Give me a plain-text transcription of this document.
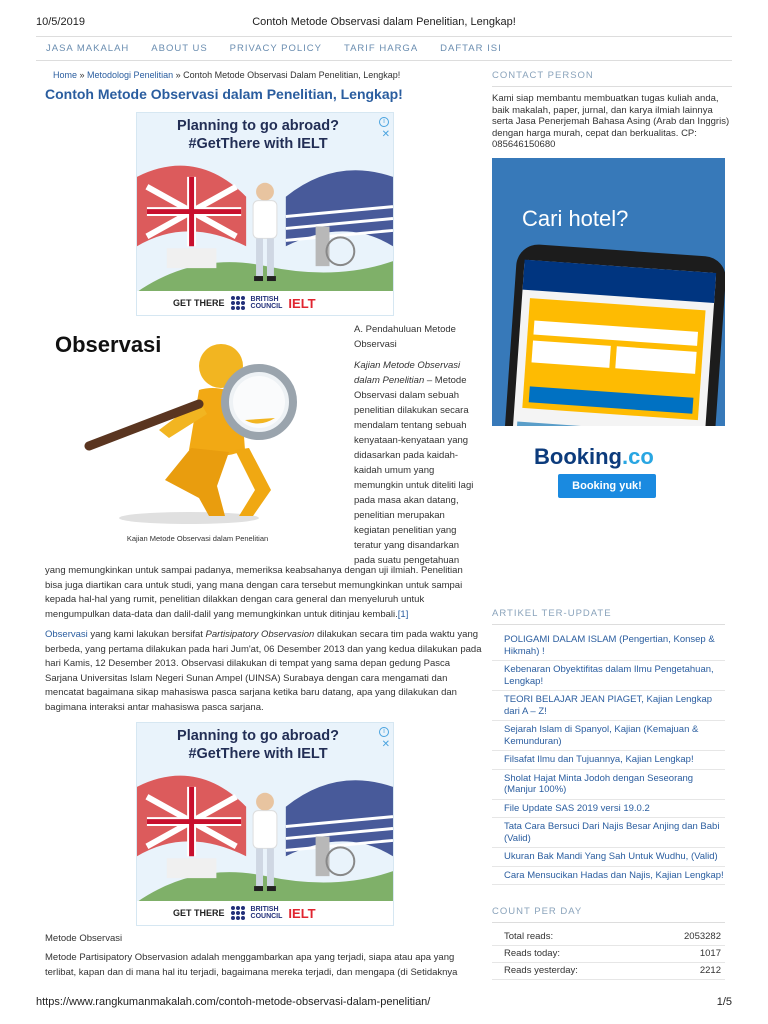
10/5/2019	Contoh Metode Observasi dalam Penelitian, Lengkap!
JASA MAKALAH ABOUT US PRIVACY POLICY TARIF HARGA DAFTAR ISI
Home » Metodologi Penelitian » Contoh Metode Observasi Dalam Penelitian, Lengkap!
Contoh Metode Observasi dalam Penelitian, Lengkap!
Planning to go abroad?
#GetThere with IELT
i
✕
GET THERE	BRITISH
COUNCIL IELT
Observasi
Kajian Metode Observasi dalam Penelitian

A. Pendahuluan Metode Observasi

Kajian Metode Observasi dalam Penelitian – Metode Observasi dalam sebuah penelitian dilakukan secara mendalam tentang sebuah kenyataan-kenyataan yang didasarkan pada kaidah-kaidah umum yang memungkin untuk diteliti lagi pada masa akan datang, penelitian merupakan kegiatan penelitian yang teratur yang disandarkan pada suatu pengetahuan

yang memungkinkan untuk sampai padanya, memeriksa keabsahanya dengan uji ilmiah. Penelitian bisa juga diartikan cara untuk studi, yang mana dengan cara tersebut memungkinkan untuk sampai kepada hal-hal yang rumit, penelitian dilakkan dengan cara general dan menyeluruh untuk mengumpulkan data-data dan dalil-dalil yang memungkinkan untuk ditinjau kembali.[1]
Observasi yang kami lakukan bersifat Partisipatory Observasion dilakukan secara tim pada waktu yang berbeda, yang pertama dilakukan pada hari Jum'at, 06 Desember 2013 dan yang kedua dilakukan pada hari Kamis, 12 Desember 2013. Observasi dilakukan di tempat yang sama depan gedung Pasca Sarjana Universitas Islam Negeri Sunan Ampel (UINSA) Surabaya dengan cara mengamati dan mencatat bagaimana sikap mahasiswa pasca sarjana ketika baru datang, apa yang dilakukan dan bagimana interaksi antar mahasiswa pasca sarjana.
Planning to go abroad?
#GetThere with IELT
i
✕
GET THERE	BRITISH
COUNCIL IELT
Metode Observasi
Metode Partisipatory Observasion adalah menggambarkan apa yang terjadi, siapa atau apa yang terlibat, kapan dan di mana hal itu terjadi, bagaimana mereka terjadi, dan mengapa (di Setidaknya
CONTACT PERSON
Kami siap membantu membuatkan tugas kuliah anda, baik makalah, paper, jurnal, dan karya ilmiah lainnya serta Jasa Penerjemah Bahasa Asing (Arab dan Inggris) dengan harga murah, cepat dan berkualitas. CP: 085646150680
Cari hotel?
Booking.co
Booking yuk!
ARTIKEL TER-UPDATE
POLIGAMI DALAM ISLAM (Pengertian, Konsep & Hikmah) !
Kebenaran Obyektifitas dalam Ilmu Pengetahuan, Lengkap!
TEORI BELAJAR JEAN PIAGET, Kajian Lengkap dari A – Z!
Sejarah Islam di Spanyol, Kajian (Kemajuan & Kemunduran)
Filsafat Ilmu dan Tujuannya, Kajian Lengkap!
Sholat Hajat Minta Jodoh dengan Seseorang (Manjur 100%)
File Update SAS 2019 versi 19.0.2
Tata Cara Bersuci Dari Najis Besar Anjing dan Babi (Valid)
Ukuran Bak Mandi Yang Sah Untuk Wudhu, (Valid)
Cara Mensucikan Hadas dan Najis, Kajian Lengkap!
COUNT PER DAY
Total reads:	2053282
Reads today:	1017
Reads yesterday:	2212
https://www.rangkumanmakalah.com/contoh-metode-observasi-dalam-penelitian/	1/5
